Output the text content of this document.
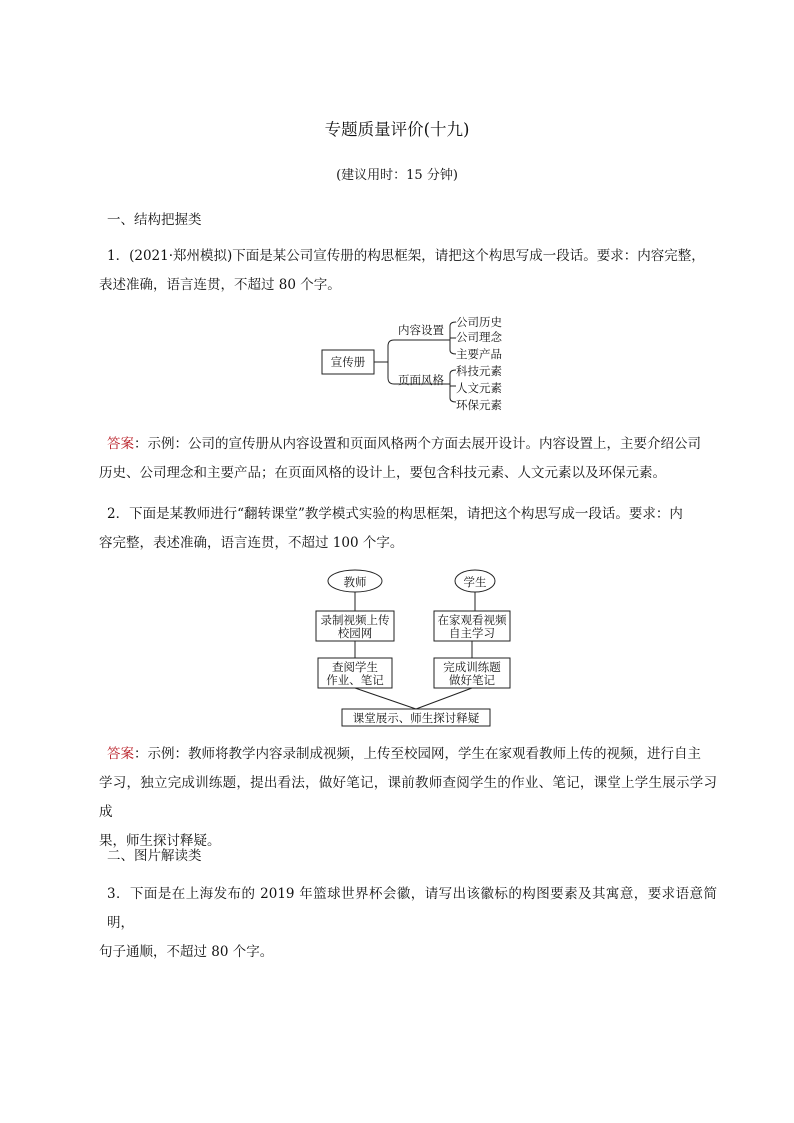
专题质量评价(十九)
(建议用时：15 分钟)
一、结构把握类
1．(2021·郑州模拟)下面是某公司宣传册的构思框架，请把这个构思写成一段话。要求：内容完整，
表述准确，语言连贯，不超过 80 个字。
宣传册
内容设置
页面风格
公司历史
公司理念
主要产品
科技元素
人文元素
环保元素
答案：示例：公司的宣传册从内容设置和页面风格两个方面去展开设计。内容设置上，主要介绍公司
历史、公司理念和主要产品；在页面风格的设计上，要包含科技元素、人文元素以及环保元素。
2．下面是某教师进行“翻转课堂”教学模式实验的构思框架，请把这个构思写成一段话。要求：内
容完整，表述准确，语言连贯，不超过 100 个字。
教师	学生
录制视频上传
校园网
在家观看视频
自主学习
查阅学生
作业、笔记
完成训练题
做好笔记
课堂展示、师生探讨释疑
答案：示例：教师将教学内容录制成视频，上传至校园网，学生在家观看教师上传的视频，进行自主
学习，独立完成训练题，提出看法，做好笔记，课前教师查阅学生的作业、笔记，课堂上学生展示学习成
果，师生探讨释疑。
二、图片解读类
3．下面是在上海发布的 2019 年篮球世界杯会徽，请写出该徽标的构图要素及其寓意，要求语意简明，
句子通顺，不超过 80 个字。
